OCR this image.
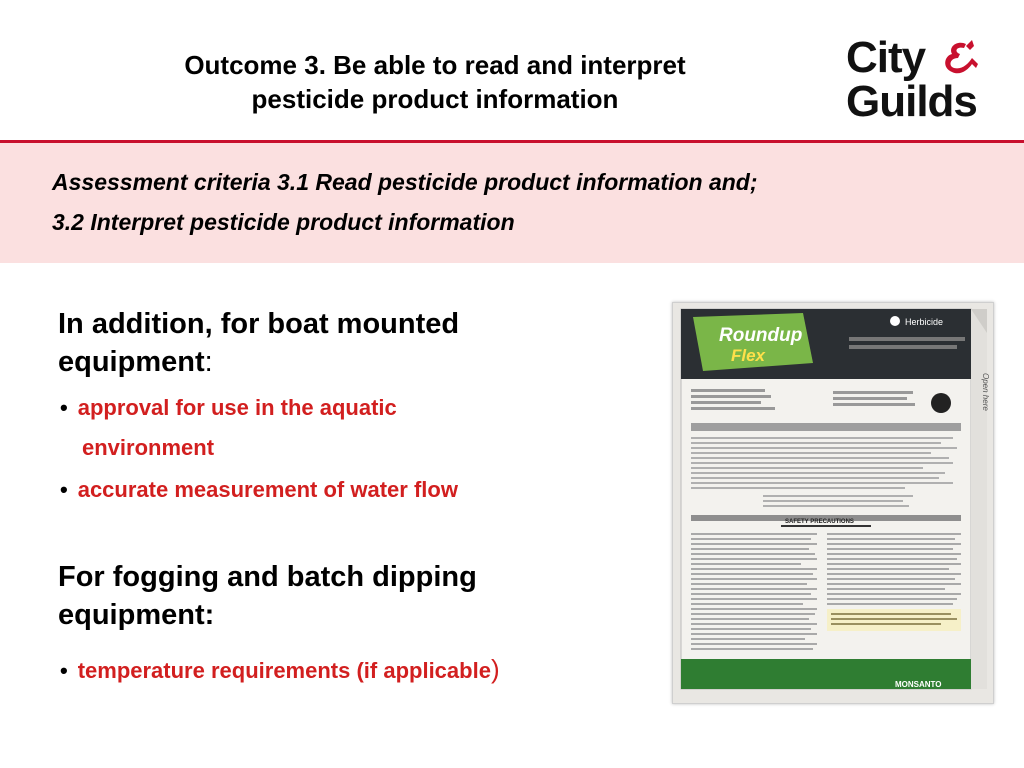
Outcome 3. Be able to read and interpret
pesticide product information
City
Guilds
Assessment criteria 3.1 Read pesticide product information and;
3.2 Interpret pesticide product information
In addition, for boat mounted
equipment:
• approval for use in the aquatic
environment
• accurate measurement of water flow
For fogging and batch dipping
equipment:
• temperature requirements (if applicable)
Roundup
Flex
Herbicide
SAFETY PRECAUTIONS
MONSANTO
Open here
